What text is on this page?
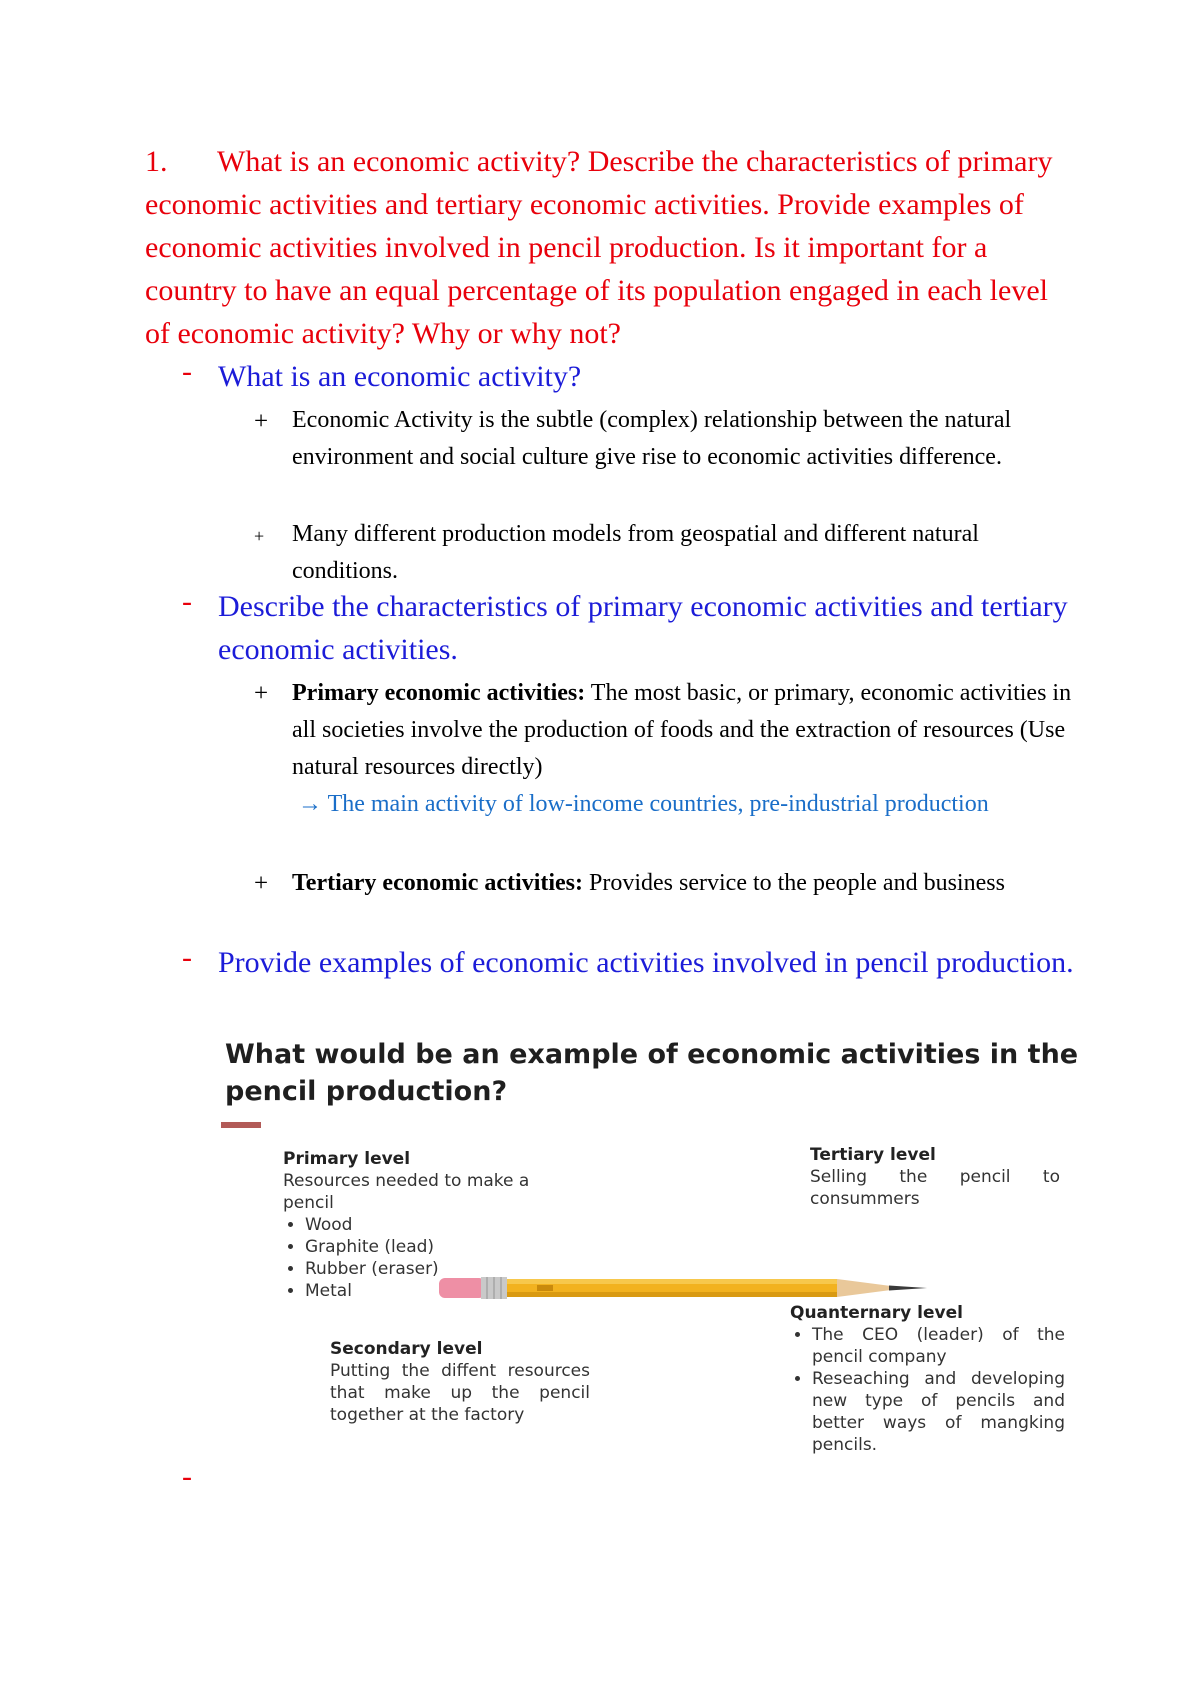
1. What is an economic activity? Describe the characteristics of primary economic activities and tertiary economic activities. Provide examples of economic activities involved in pencil production. Is it important for a country to have an equal percentage of its population engaged in each level of economic activity? Why or why not?
- What is an economic activity?
+ Economic Activity is the subtle (complex) relationship between the natural environment and social culture give rise to economic activities difference.
+ Many different production models from geospatial and different natural conditions.
- Describe the characteristics of primary economic activities and tertiary economic activities.
+ Primary economic activities: The most basic, or primary, economic activities in all societies involve the production of foods and the extraction of resources (Use natural resources directly)
→ The main activity of low-income countries, pre-industrial production
+ Tertiary economic activities: Provides service to the people and business
- Provide examples of economic activities involved in pencil production.
What would be an example of economic activities in the pencil production?
Primary level
Resources needed to make a pencil
• Wood
• Graphite (lead)
• Rubber (eraser)
• Metal
Tertiary level
Selling the pencil to consummers
Quanternary level
• The CEO (leader) of the pencil company
• Reseaching and developing new type of pencils and better ways of mangking pencils.
Secondary level
Putting the diffent resources that make up the pencil together at the factory
-
